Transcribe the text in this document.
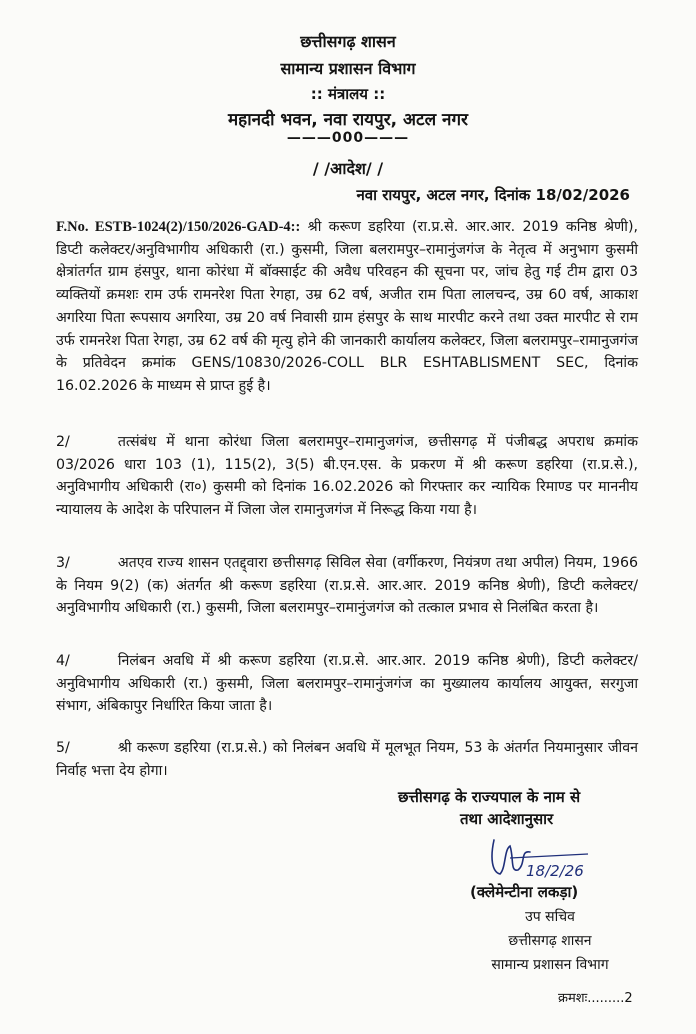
छत्तीसगढ़ शासन
सामान्य प्रशासन विभाग
:: मंत्रालय ::
महानदी भवन, नवा रायपुर, अटल नगर
———000———
/ /आदेश/ /
नवा रायपुर, अटल नगर, दिनांक 18/02/2026
F.No. ESTB-1024(2)/150/2026-GAD-4:: श्री करूण डहरिया (रा.प्र.से. आर.आर. 2019 कनिष्ठ श्रेणी), डिप्टी कलेक्टर/अनुविभागीय अधिकारी (रा.) कुसमी, जिला बलरामपुर–रामानुंजगंज के नेतृत्व में अनुभाग कुसमी क्षेत्रांतर्गत ग्राम हंसपुर, थाना कोरंधा में बॉक्साईट की अवैध परिवहन की सूचना पर, जांच हेतु गई टीम द्वारा 03 व्यक्तियों क्रमशः राम उर्फ रामनरेश पिता रेगहा, उम्र 62 वर्ष, अजीत राम पिता लालचन्द, उम्र 60 वर्ष, आकाश अगरिया पिता रूपसाय अगरिया, उम्र 20 वर्ष निवासी ग्राम हंसपुर के साथ मारपीट करने तथा उक्त मारपीट से राम उर्फ रामनरेश पिता रेगहा, उम्र 62 वर्ष की मृत्यु होने की जानकारी कार्यालय कलेक्टर, जिला बलरामपुर–रामानुजगंज के प्रतिवेदन क्रमांक GENS/10830/2026-COLL BLR ESHTABLISMENT SEC, दिनांक 16.02.2026 के माध्यम से प्राप्त हुई है।
2/	तत्संबंध में थाना कोरंधा जिला बलरामपुर–रामानुजगंज, छत्तीसगढ़ में पंजीबद्ध अपराध क्रमांक 03/2026 धारा 103 (1), 115(2), 3(5) बी.एन.एस. के प्रकरण में श्री करूण डहरिया (रा.प्र.से.), अनुविभागीय अधिकारी (रा०) कुसमी को दिनांक 16.02.2026 को गिरफ्तार कर न्यायिक रिमाण्ड पर माननीय न्यायालय के आदेश के परिपालन में जिला जेल रामानुजगंज में निरूद्ध किया गया है।
3/	अतएव राज्य शासन एतद्द्वारा छत्तीसगढ़ सिविल सेवा (वर्गीकरण, नियंत्रण तथा अपील) नियम, 1966 के नियम 9(2) (क) अंतर्गत श्री करूण डहरिया (रा.प्र.से. आर.आर. 2019 कनिष्ठ श्रेणी), डिप्टी कलेक्टर/अनुविभागीय अधिकारी (रा.) कुसमी, जिला बलरामपुर–रामानुंजगंज को तत्काल प्रभाव से निलंबित करता है।
4/	निलंबन अवधि में श्री करूण डहरिया (रा.प्र.से. आर.आर. 2019 कनिष्ठ श्रेणी), डिप्टी कलेक्टर/अनुविभागीय अधिकारी (रा.) कुसमी, जिला बलरामपुर–रामानुंजगंज का मुख्यालय कार्यालय आयुक्त, सरगुजा संभाग, अंबिकापुर निर्धारित किया जाता है।
5/	श्री करूण डहरिया (रा.प्र.से.) को निलंबन अवधि में मूलभूत नियम, 53 के अंतर्गत नियमानुसार जीवन निर्वाह भत्ता देय होगा।
छत्तीसगढ़ के राज्यपाल के नाम से
तथा आदेशानुसार
18/2/26
(क्लेमेन्टीना लकड़ा)
उप सचिव
छत्तीसगढ़ शासन
सामान्य प्रशासन विभाग
क्रमशः.........2
